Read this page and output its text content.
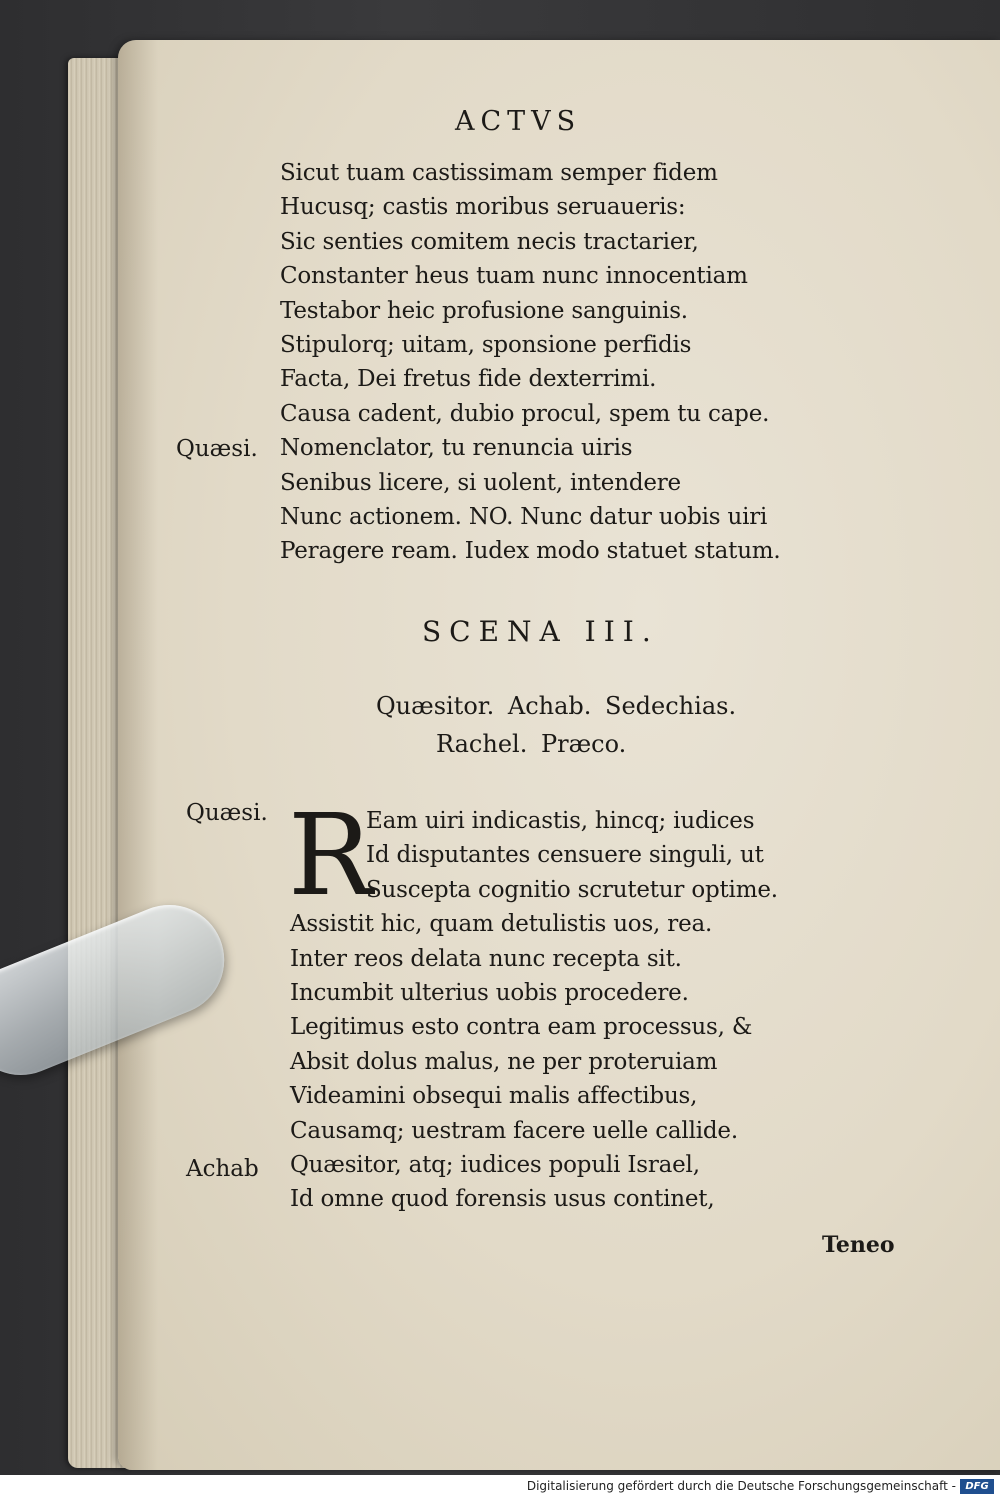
ACTVS
Quæsi.
Sicut tuam castissimam semper fidem
Hucusq; castis moribus seruaueris:
Sic senties comitem necis tractarier,
Constanter heus tuam nunc innocentiam
Testabor heic profusione sanguinis.
Stipulorq; uitam, sponsione perfidis
Facta, Dei fretus fide dexterrimi.
Causa cadent, dubio procul, spem tu cape.
Nomenclator, tu renuncia uiris
Senibus licere, si uolent, intendere
Nunc actionem. NO. Nunc datur uobis uiri
Peragere ream. Iudex modo statuet statum.
SCENA III.
Quæsitor. Achab. Sedechias.
Rachel. Præco.
Quæsi. R
Eam uiri indicastis, hincq; iudices
Id disputantes censuere singuli, ut
Suscepta cognitio scrutetur optime.
Assistit hic, quam detulistis uos, rea.
Inter reos delata nunc recepta sit.
Incumbit ulterius uobis procedere.
Legitimus esto contra eam processus, &
Absit dolus malus, ne per proteruiam
Videamini obsequi malis affectibus,
Causamq; uestram facere uelle callide.
Quæsitor, atq; iudices populi Israel,
Id omne quod forensis usus continet,
Achab
Teneo
Digitalisierung gefördert durch die Deutsche Forschungsgemeinschaft - DFG
